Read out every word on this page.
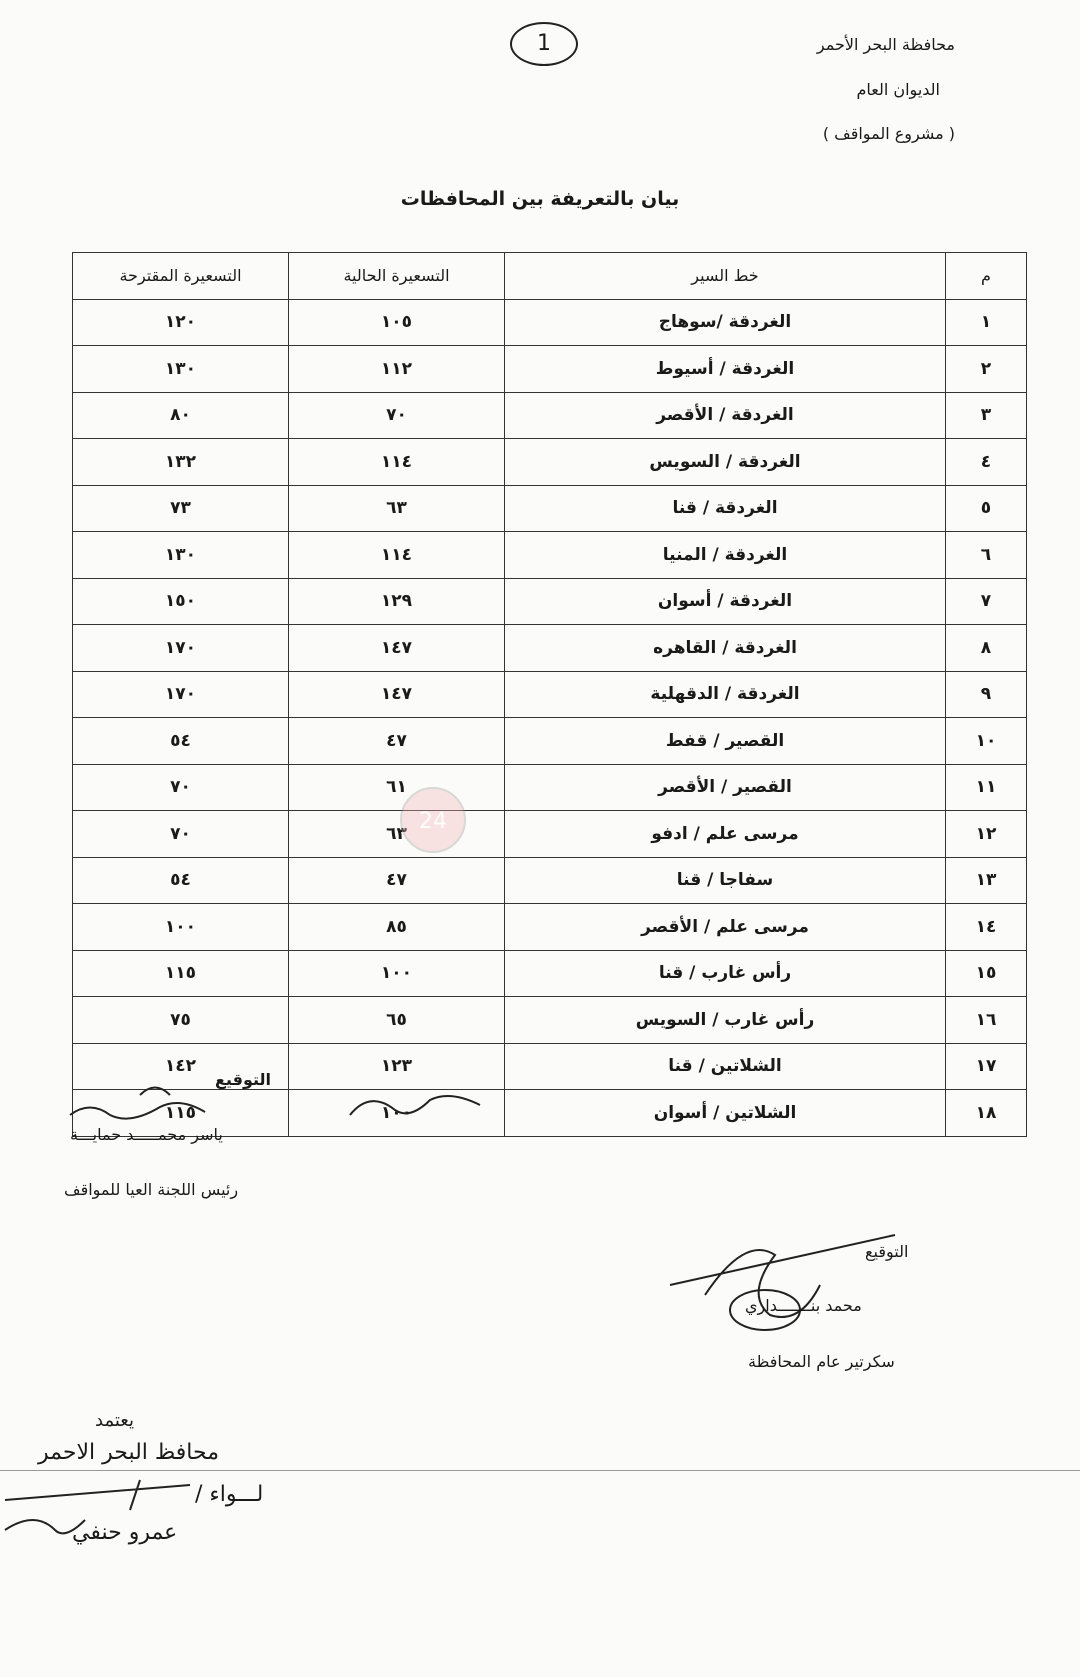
محافظة البحر الأحمر
الديوان العام
( مشروع المواقف )
1
بيان بالتعريفة بين المحافظات
م	خط السير	التسعيرة الحالية	التسعيرة المقترحة
١	الغردقة /سوهاج	١٠٥	١٢٠
٢	الغردقة / أسيوط	١١٢	١٣٠
٣	الغردقة / الأقصر	٧٠	٨٠
٤	الغردقة / السويس	١١٤	١٣٢
٥	الغردقة / قنا	٦٣	٧٣
٦	الغردقة / المنيا	١١٤	١٣٠
٧	الغردقة / أسوان	١٢٩	١٥٠
٨	الغردقة / القاهره	١٤٧	١٧٠
٩	الغردقة / الدقهلية	١٤٧	١٧٠
١٠	القصير / قفط	٤٧	٥٤
١١	القصير / الأقصر	٦١	٧٠
١٢	مرسى علم / ادفو	٦٣	٧٠
١٣	سفاجا / قنا	٤٧	٥٤
١٤	مرسى علم / الأقصر	٨٥	١٠٠
١٥	رأس غارب / قنا	١٠٠	١١٥
١٦	رأس غارب / السويس	٦٥	٧٥
١٧	الشلاتين / قنا	١٢٣	١٤٢
١٨	الشلاتين / أسوان	١٠٠	١١٥
24
التوقيع
ياسر محمـــــد حمايـــة
رئيس اللجنة العيا للمواقف
التوقيع
محمد بنـــــــداري
سكرتير عام المحافظة
يعتمد
محافظ البحر الاحمر
لـــواء /
عمرو حنفي
